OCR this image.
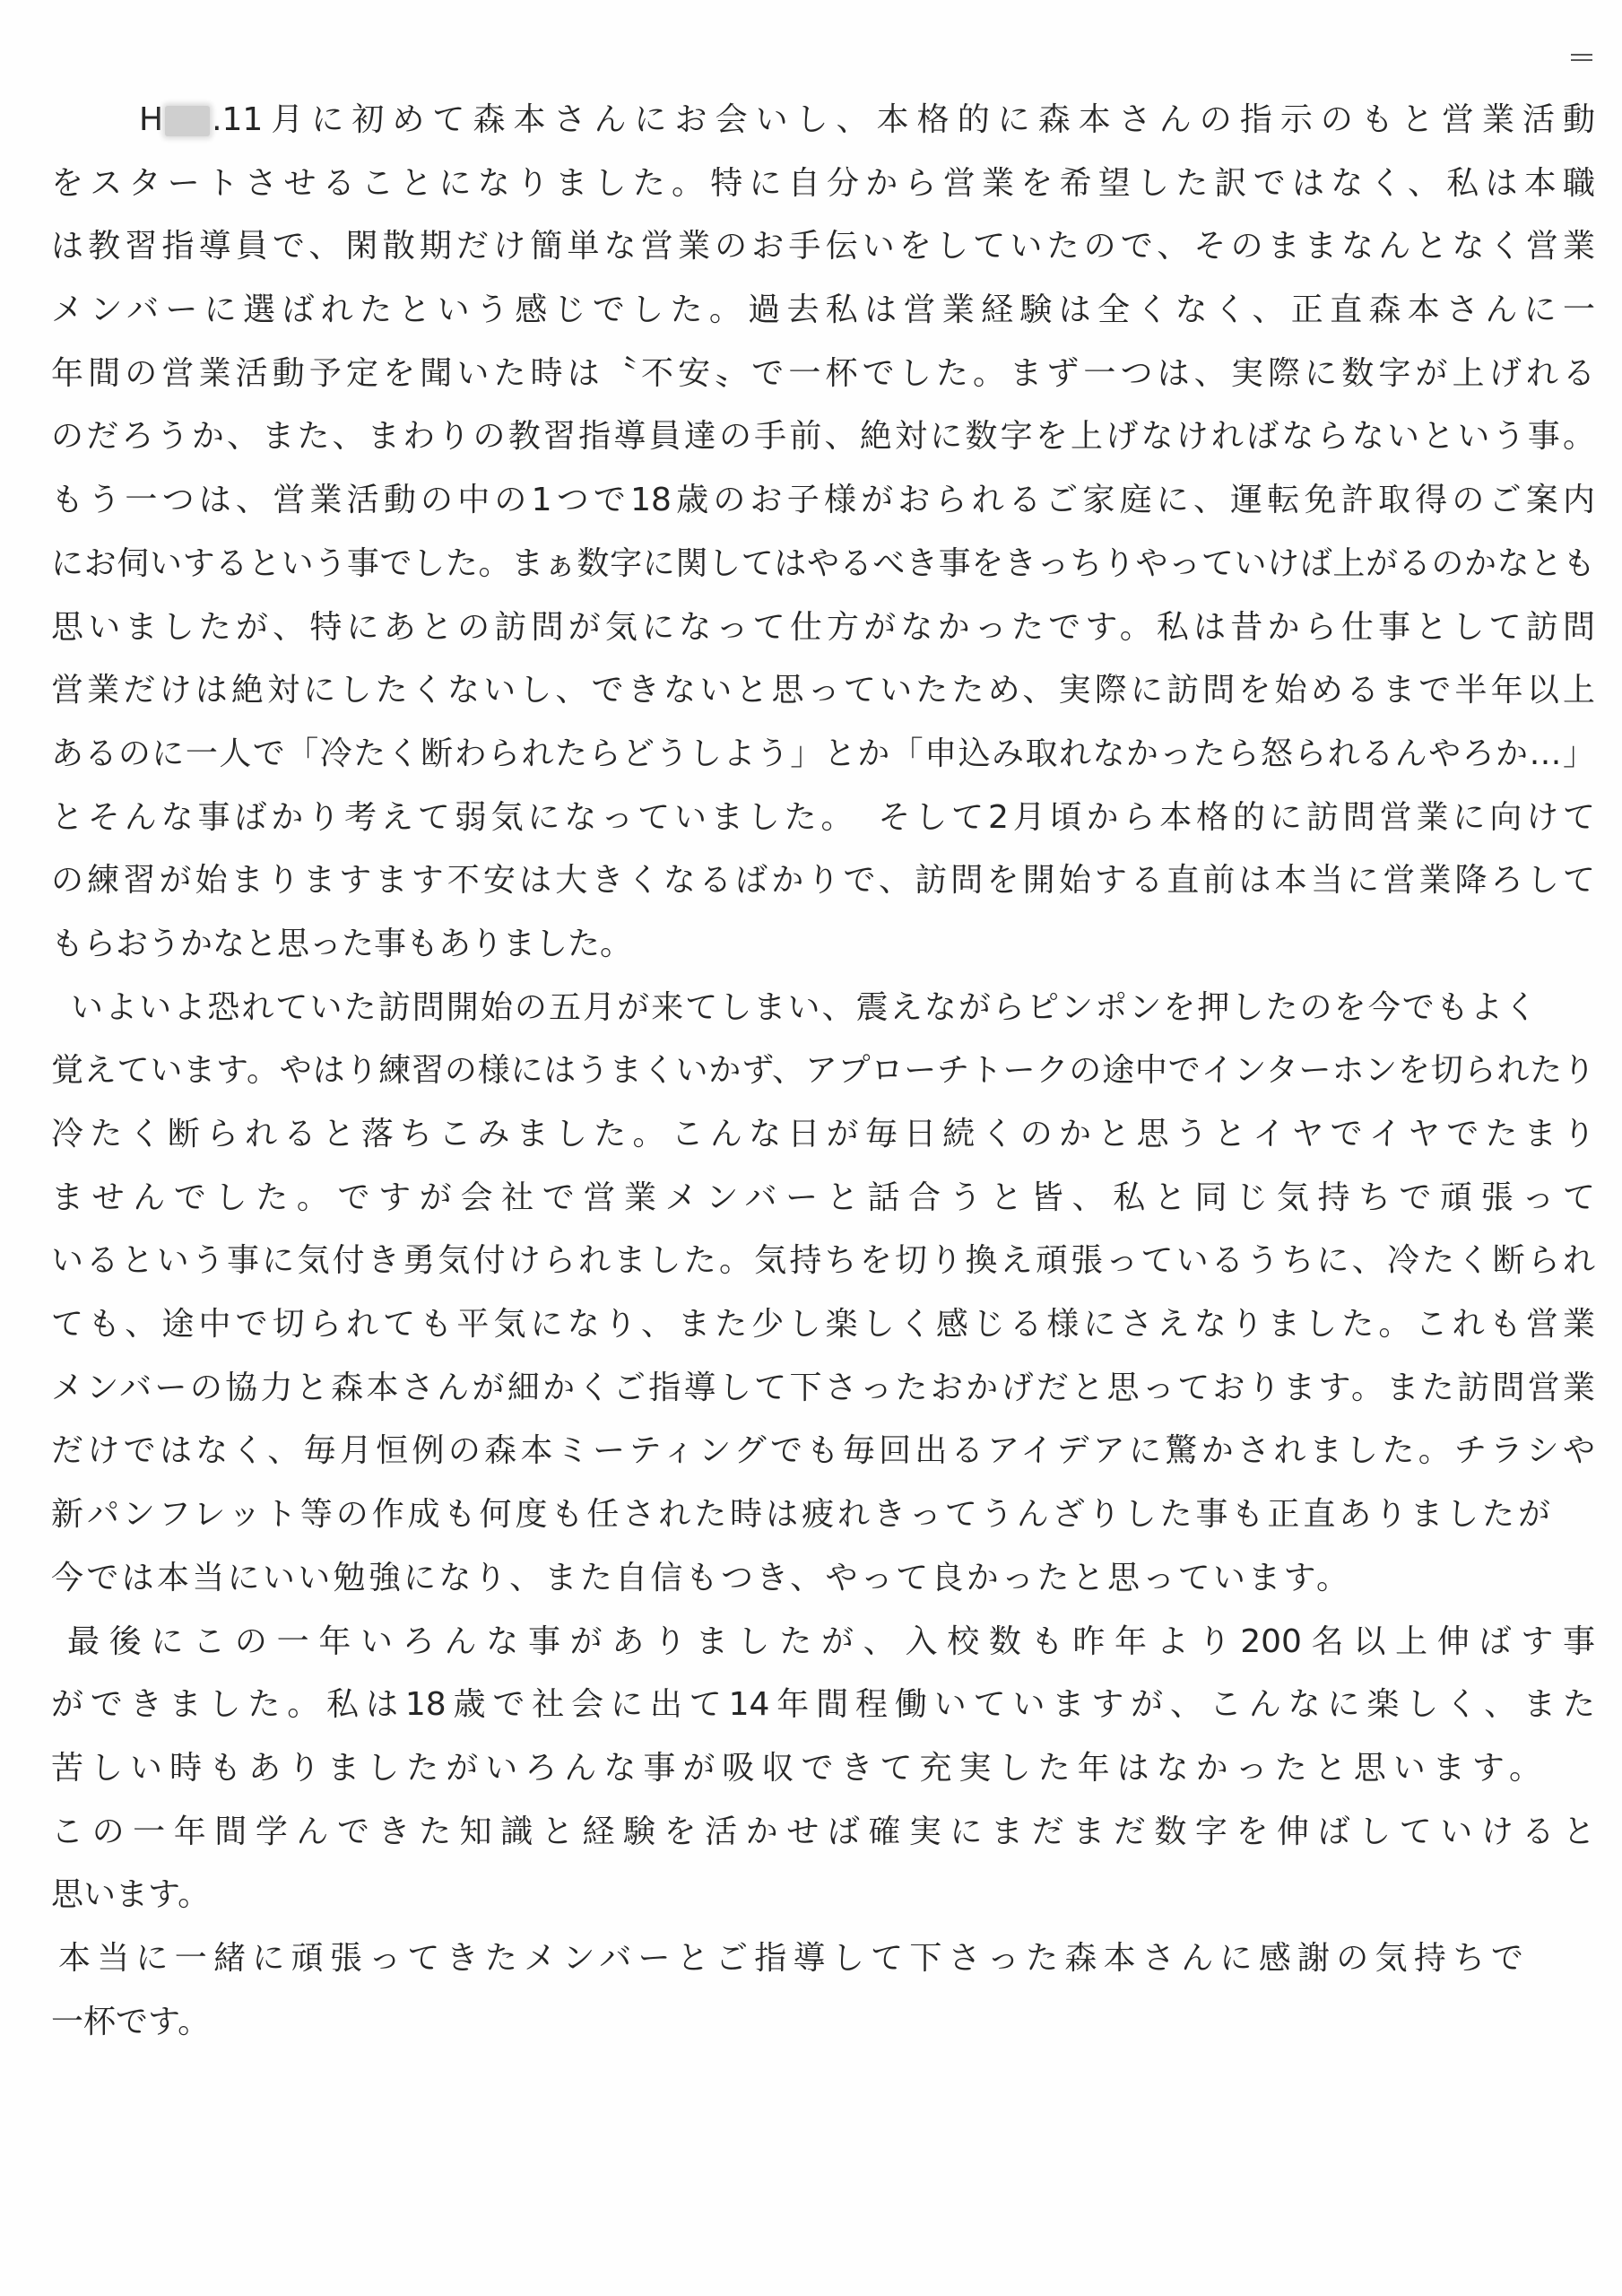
H .11月に初めて森本さんにお会いし、本格的に森本さんの指示のもと営業活動
をスタートさせることになりました。特に自分から営業を希望した訳ではなく、私は本職
は教習指導員で、閑散期だけ簡単な営業のお手伝いをしていたので、そのままなんとなく営業
メンバーに選ばれたという感じでした。過去私は営業経験は全くなく、正直森本さんに一
年間の営業活動予定を聞いた時は〝不安〟で一杯でした。まず一つは、実際に数字が上げれる
のだろうか、また、まわりの教習指導員達の手前、絶対に数字を上げなければならないという事。
もう一つは、営業活動の中の1つで18歳のお子様がおられるご家庭に、運転免許取得のご案内
にお伺いするという事でした。まぁ数字に関してはやるべき事をきっちりやっていけば上がるのかなとも
思いましたが、特にあとの訪問が気になって仕方がなかったです。私は昔から仕事として訪問
営業だけは絶対にしたくないし、できないと思っていたため、実際に訪問を始めるまで半年以上
あるのに一人で「冷たく断わられたらどうしよう」とか「申込み取れなかったら怒られるんやろか…」
とそんな事ばかり考えて弱気になっていました。　そして2月頃から本格的に訪問営業に向けて
の練習が始まりますます不安は大きくなるばかりで、訪問を開始する直前は本当に営業降ろして
もらおうかなと思った事もありました。
いよいよ恐れていた訪問開始の五月が来てしまい、震えながらピンポンを押したのを今でもよく
覚えています。やはり練習の様にはうまくいかず、アプローチトークの途中でインターホンを切られたり
冷たく断られると落ちこみました。こんな日が毎日続くのかと思うとイヤでイヤでたまり
ませんでした。ですが会社で営業メンバーと話合うと皆、私と同じ気持ちで頑張って
いるという事に気付き勇気付けられました。気持ちを切り換え頑張っているうちに、冷たく断られ
ても、途中で切られても平気になり、また少し楽しく感じる様にさえなりました。これも営業
メンバーの協力と森本さんが細かくご指導して下さったおかげだと思っております。また訪問営業
だけではなく、毎月恒例の森本ミーティングでも毎回出るアイデアに驚かされました。チラシや
新パンフレット等の作成も何度も任された時は疲れきってうんざりした事も正直ありましたが
今では本当にいい勉強になり、また自信もつき、やって良かったと思っています。
最後にこの一年いろんな事がありましたが、入校数も昨年より200名以上伸ばす事
ができました。私は18歳で社会に出て14年間程働いていますが、こんなに楽しく、また
苦しい時もありましたがいろんな事が吸収できて充実した年はなかったと思います。
この一年間学んできた知識と経験を活かせば確実にまだまだ数字を伸ばしていけると
思います。
本当に一緒に頑張ってきたメンバーとご指導して下さった森本さんに感謝の気持ちで
一杯です。
